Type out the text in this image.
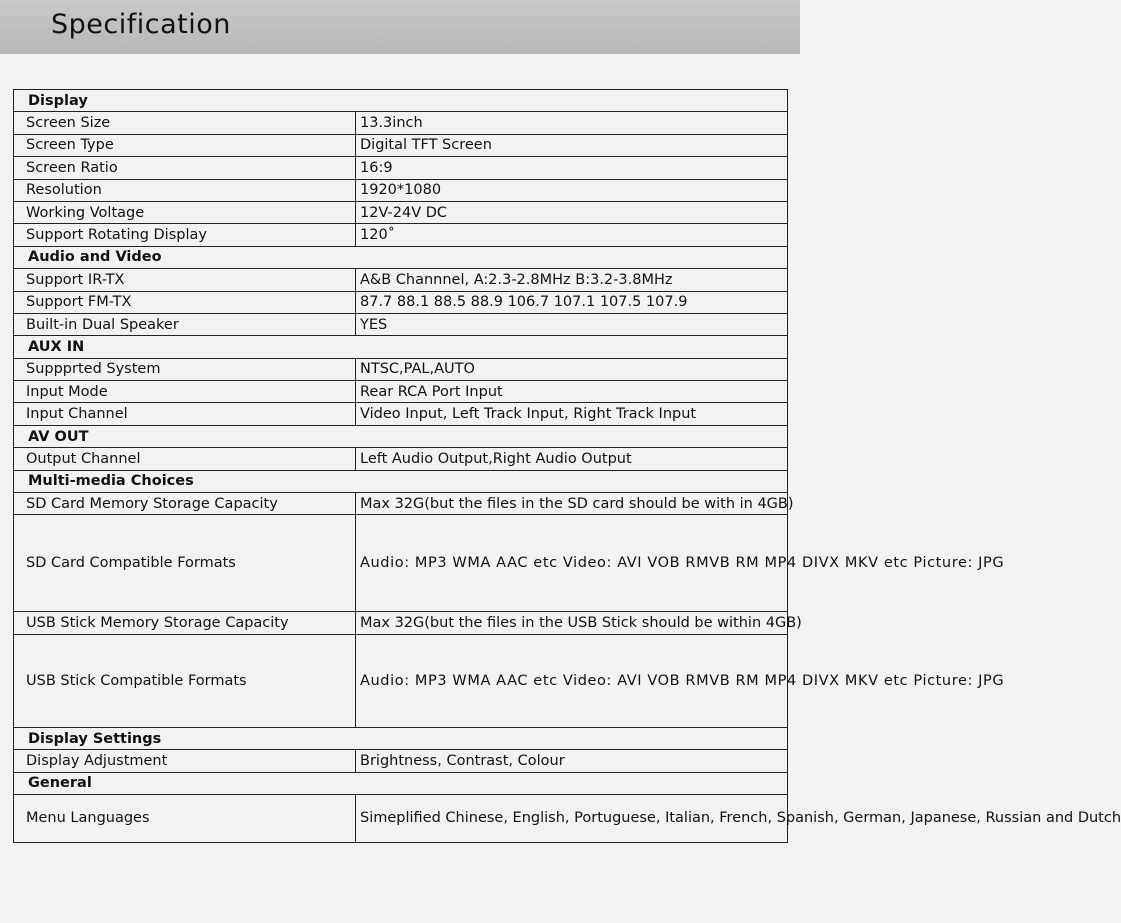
Specification
Display	
Screen Size	13.3inch
Screen Type	Digital TFT Screen
Screen Ratio	16:9
Resolution	1920*1080
Working Voltage	12V-24V DC
Support Rotating Display	120˚
Audio and Video	
Support IR-TX	A&B Channnel, A:2.3-2.8MHz B:3.2-3.8MHz
Support FM-TX	87.7 88.1 88.5 88.9 106.7 107.1 107.5 107.9
Built-in Dual Speaker	YES
AUX IN	
Suppprted System	NTSC,PAL,AUTO
Input Mode	Rear RCA Port Input
Input Channel	Video Input, Left Track Input, Right Track Input
AV OUT	
Output Channel	Left Audio Output,Right Audio Output
Multi-media Choices	
SD Card Memory Storage Capacity	Max 32G(but the files in the SD card should be with in 4GB)
SD Card Compatible Formats	Audio: MP3 WMA AAC etc Video: AVI VOB RMVB RM MP4 DIVX MKV etc Picture: JPG
USB Stick Memory Storage Capacity	Max 32G(but the files in the USB Stick should be within 4GB)
USB Stick Compatible Formats	Audio: MP3 WMA AAC etc Video: AVI VOB RMVB RM MP4 DIVX MKV etc Picture: JPG
Display Settings	
Display Adjustment	Brightness, Contrast, Colour
General	
Menu Languages	Simeplified Chinese, English, Portuguese, Italian, French, Spanish, German, Japanese, Russian and Dutch
